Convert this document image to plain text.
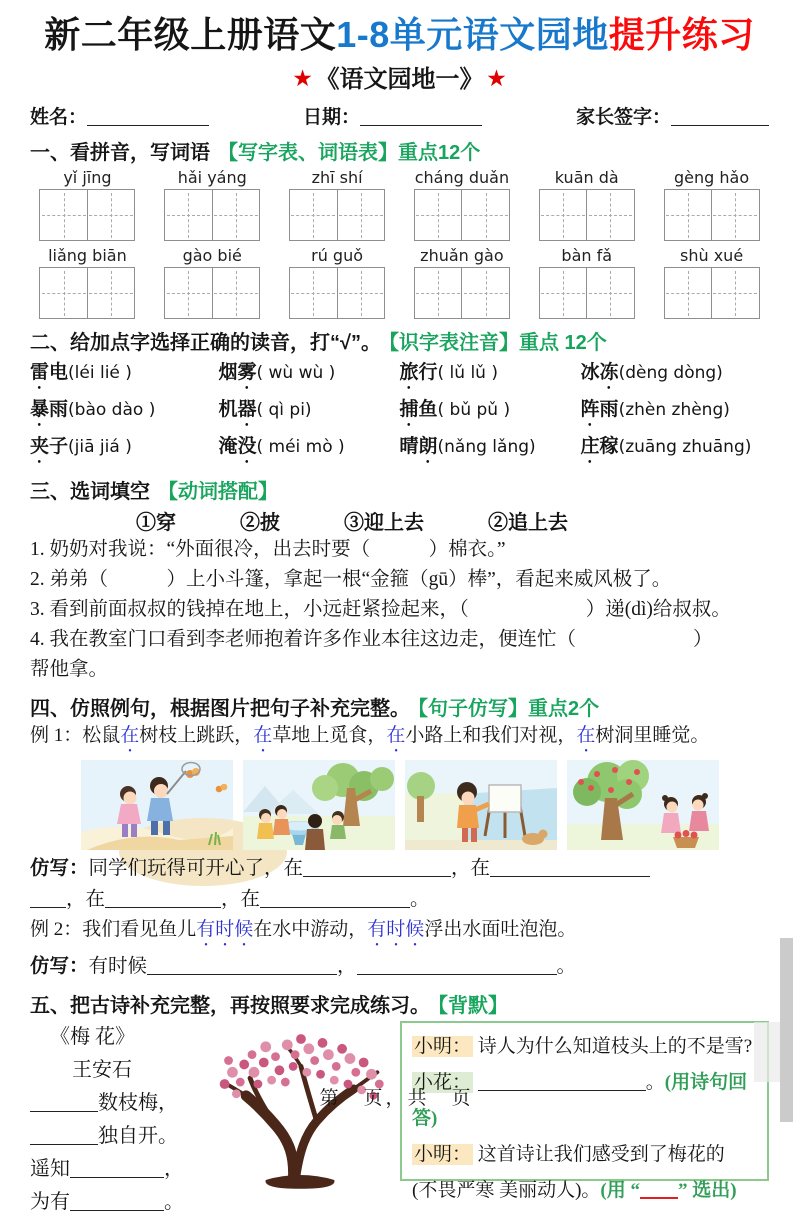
新二年级上册语文1-8单元语文园地提升练习
★ 《语文园地一》 ★
姓名：	日期：	家长签字：
一、看拼音，写词语 【写字表、词语表】重点12个
yǐ jīng	hǎi yáng	zhī shí	cháng duǎn	kuān dà	gèng hǎo
liǎng biān	gào bié	rú guǒ	zhuǎn gào	bàn fǎ	shù xué
二、给加点字选择正确的读音，打“√”。 【识字表注音】重点 12个
雷电(léi lié )	烟雾( wù wù )	旅行( lǔ lǔ )	冰冻(dèng dòng)
暴雨(bào dào )	机器( qì pi)	捕鱼( bǔ pǔ )	阵雨(zhèn zhèng)
夹子(jiā jiá )	淹没( méi mò )	晴朗(nǎng lǎng)	庄稼(zuāng zhuāng)
三、选词填空 【动词搭配】
①穿	②披	③迎上去	②追上去
1. 奶奶对我说：“外面很冷，出去时要（　　　）棉衣。”
2. 弟弟（　　　）上小斗篷，拿起一根“金箍（gū）棒”，看起来威风极了。
3. 看到前面叔叔的钱掉在地上，小远赶紧捡起来，（　　　　　　）递(dì)给叔叔。
4. 我在教室门口看到李老师抱着许多作业本往这边走，便连忙（　　　　　　）
帮他拿。
四、仿照例句，根据图片把句子补充完整。 【句子仿写】重点2个
例 1：松鼠在树枝上跳跃，在草地上觅食，在小路上和我们对视，在树洞里睡觉。
仿写：同学们玩得可开心了，在	，在
，在	，在	。
例 2：我们看见鱼儿有时候在水中游动，有时候浮出水面吐泡泡。
仿写：有时候	，	。
五、把古诗补充完整，再按照要求完成练习。 【背默】
《梅 花》
王安石
数枝梅，
独自开。
遥知	，
为有	。
小明： 诗人为什么知道枝头上的不是雪?
小花：	。(用诗句回答)
小明： 这首诗让我们感受到了梅花的
(不畏严寒 美丽动人)。(用 “ ” 选出)
第　页，共　页
